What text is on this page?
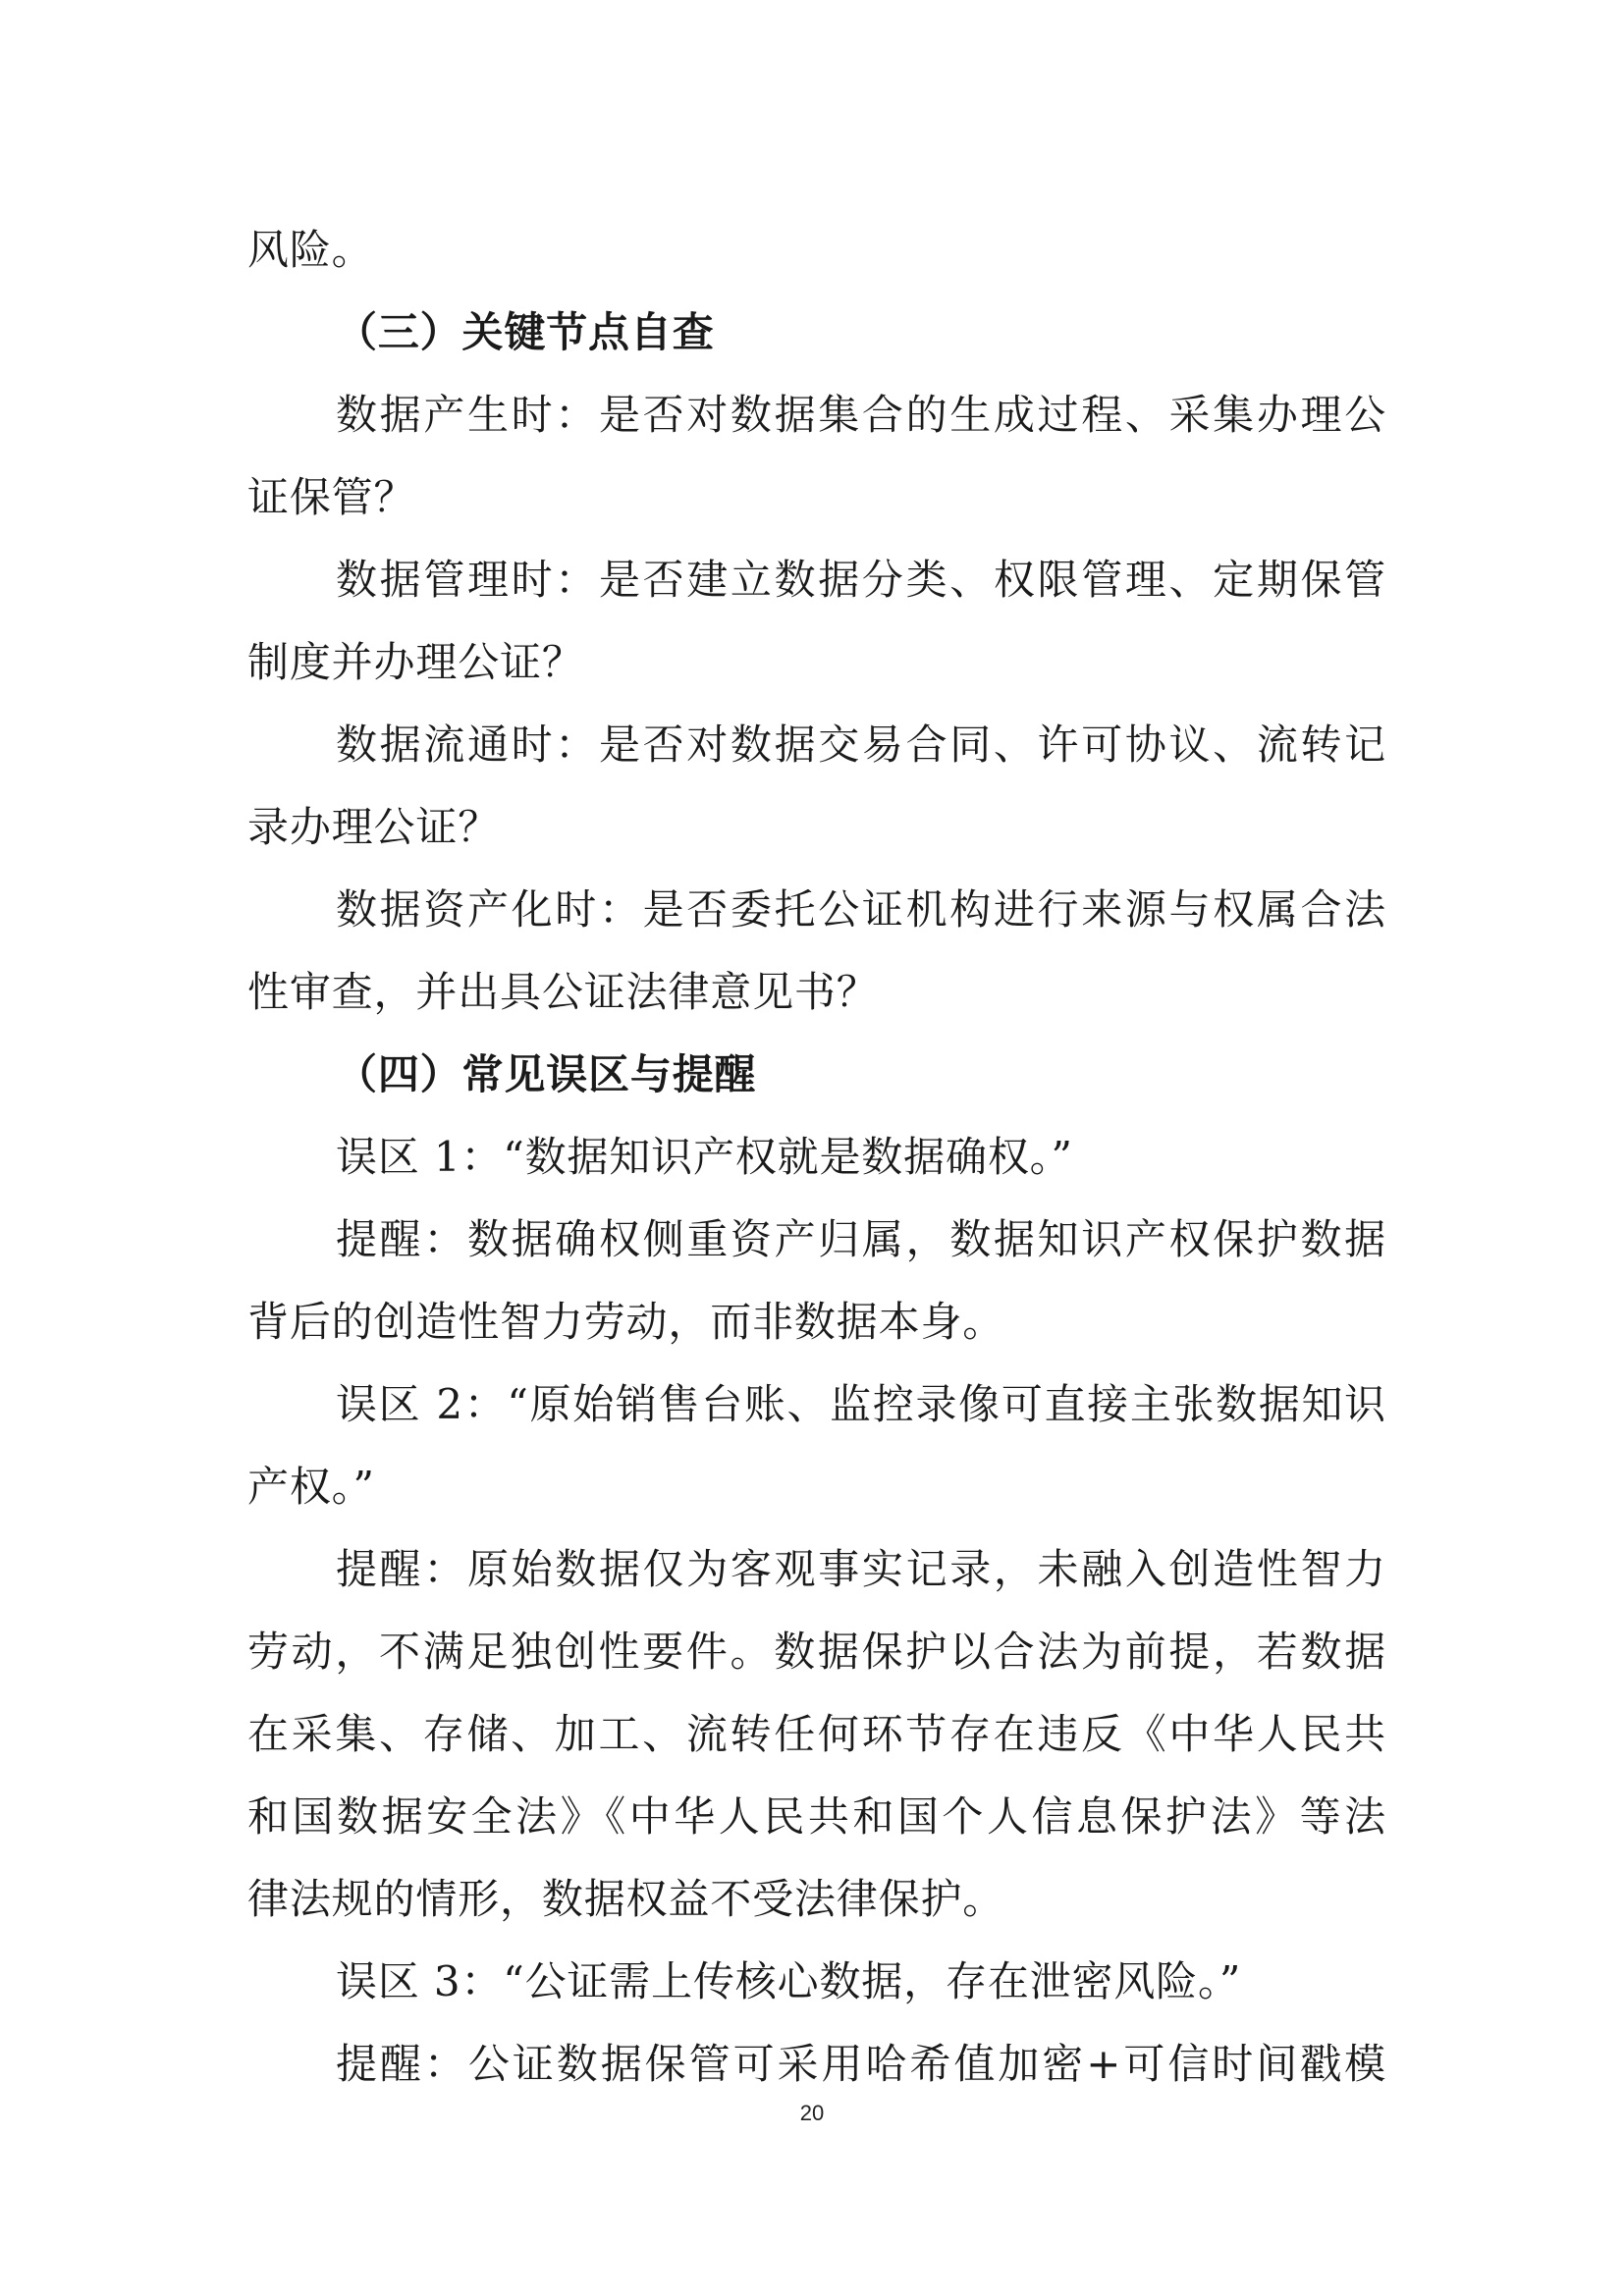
风险。
（三）关键节点自查
数据产生时：是否对数据集合的生成过程、采集办理公
证保管？
数据管理时：是否建立数据分类、权限管理、定期保管
制度并办理公证？
数据流通时：是否对数据交易合同、许可协议、流转记
录办理公证？
数据资产化时：是否委托公证机构进行来源与权属合法
性审查，并出具公证法律意见书？
（四）常见误区与提醒
误区 1：“数据知识产权就是数据确权。”
提醒：数据确权侧重资产归属，数据知识产权保护数据
背后的创造性智力劳动，而非数据本身。
误区 2：“原始销售台账、监控录像可直接主张数据知识
产权。”
提醒：原始数据仅为客观事实记录，未融入创造性智力
劳动，不满足独创性要件。数据保护以合法为前提，若数据
在采集、存储、加工、流转任何环节存在违反《中华人民共
和国数据安全法》《中华人民共和国个人信息保护法》等法
律法规的情形，数据权益不受法律保护。
误区 3：“公证需上传核心数据，存在泄密风险。”
提醒：公证数据保管可采用哈希值加密+可信时间戳模
20
